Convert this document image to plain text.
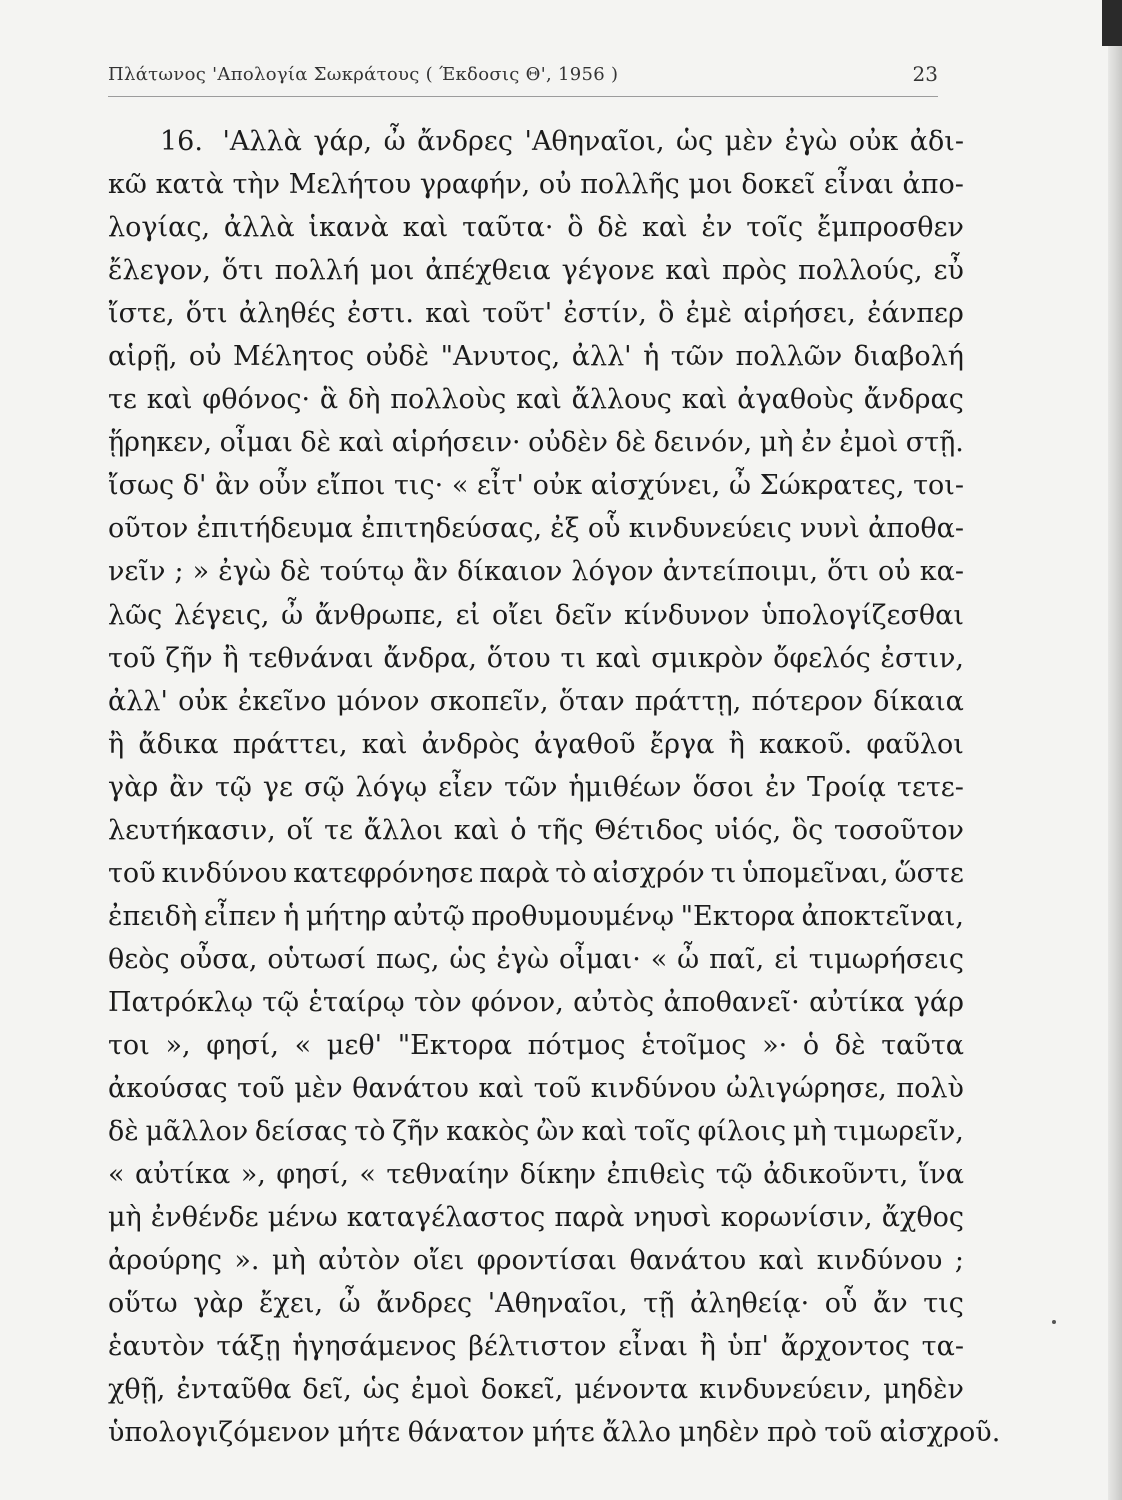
Πλάτωνος 'Απολογία Σωκράτους ( Έκδοσις Θ', 1956 )	23
16. 'Αλλὰ γάρ, ὦ ἄνδρες 'Αθηναῖοι, ὡς μὲν ἐγὼ οὐκ ἀδι-
κῶ κατὰ τὴν Μελήτου γραφήν, οὐ πολλῆς μοι δοκεῖ εἶναι ἀπο-
λογίας, ἀλλὰ ἱκανὰ καὶ ταῦτα· ὃ δὲ καὶ ἐν τοῖς ἔμπροσθεν
ἔλεγον, ὅτι πολλή μοι ἀπέχθεια γέγονε καὶ πρὸς πολλούς, εὖ
ἴστε, ὅτι ἀληθές ἐστι. καὶ τοῦτ' ἐστίν, ὃ ἐμὲ αἱρήσει, ἐάνπερ
αἱρῇ, οὐ Μέλητος οὐδὲ "Ανυτος, ἀλλ' ἡ τῶν πολλῶν διαβολή
τε καὶ φθόνος· ἃ δὴ πολλοὺς καὶ ἄλλους καὶ ἀγαθοὺς ἄνδρας
ᾕρηκεν, οἶμαι δὲ καὶ αἱρήσειν· οὐδὲν δὲ δεινόν, μὴ ἐν ἐμοὶ στῇ.
ἴσως δ' ἂν οὖν εἴποι τις· « εἶτ' οὐκ αἰσχύνει, ὦ Σώκρατες, τοι-
οῦτον ἐπιτήδευμα ἐπιτηδεύσας, ἐξ οὗ κινδυνεύεις νυνὶ ἀποθα-
νεῖν ; » ἐγὼ δὲ τούτῳ ἂν δίκαιον λόγον ἀντείποιμι, ὅτι οὐ κα-
λῶς λέγεις, ὦ ἄνθρωπε, εἰ οἴει δεῖν κίνδυνον ὑπολογίζεσθαι
τοῦ ζῆν ἢ τεθνάναι ἄνδρα, ὅτου τι καὶ σμικρὸν ὄφελός ἐστιν,
ἀλλ' οὐκ ἐκεῖνο μόνον σκοπεῖν, ὅταν πράττῃ, πότερον δίκαια
ἢ ἄδικα πράττει, καὶ ἀνδρὸς ἀγαθοῦ ἔργα ἢ κακοῦ. φαῦλοι
γὰρ ἂν τῷ γε σῷ λόγῳ εἶεν τῶν ἡμιθέων ὅσοι ἐν Τροίᾳ τετε-
λευτήκασιν, οἵ τε ἄλλοι καὶ ὁ τῆς Θέτιδος υἱός, ὃς τοσοῦτον
τοῦ κινδύνου κατεφρόνησε παρὰ τὸ αἰσχρόν τι ὑπομεῖναι, ὥστε
ἐπειδὴ εἶπεν ἡ μήτηρ αὐτῷ προθυμουμένῳ "Εκτορα ἀποκτεῖναι,
θεὸς οὖσα, οὑτωσί πως, ὡς ἐγὼ οἶμαι· « ὦ παῖ, εἰ τιμωρήσεις
Πατρόκλῳ τῷ ἑταίρῳ τὸν φόνον, αὐτὸς ἀποθανεῖ· αὐτίκα γάρ
τοι », φησί, « μεθ' "Εκτορα πότμος ἑτοῖμος »· ὁ δὲ ταῦτα
ἀκούσας τοῦ μὲν θανάτου καὶ τοῦ κινδύνου ὠλιγώρησε, πολὺ
δὲ μᾶλλον δείσας τὸ ζῆν κακὸς ὢν καὶ τοῖς φίλοις μὴ τιμωρεῖν,
« αὐτίκα », φησί, « τεθναίην δίκην ἐπιθεὶς τῷ ἀδικοῦντι, ἵνα
μὴ ἐνθένδε μένω καταγέλαστος παρὰ νηυσὶ κορωνίσιν, ἄχθος
ἀρούρης ». μὴ αὐτὸν οἴει φροντίσαι θανάτου καὶ κινδύνου ;
οὕτω γὰρ ἔχει, ὦ ἄνδρες 'Αθηναῖοι, τῇ ἀληθείᾳ· οὗ ἄν τις
ἑαυτὸν τάξῃ ἡγησάμενος βέλτιστον εἶναι ἢ ὑπ' ἄρχοντος τα-
χθῇ, ἐνταῦθα δεῖ, ὡς ἐμοὶ δοκεῖ, μένοντα κινδυνεύειν, μηδὲν
ὑπολογιζόμενον μήτε θάνατον μήτε ἄλλο μηδὲν πρὸ τοῦ αἰσχροῦ.
